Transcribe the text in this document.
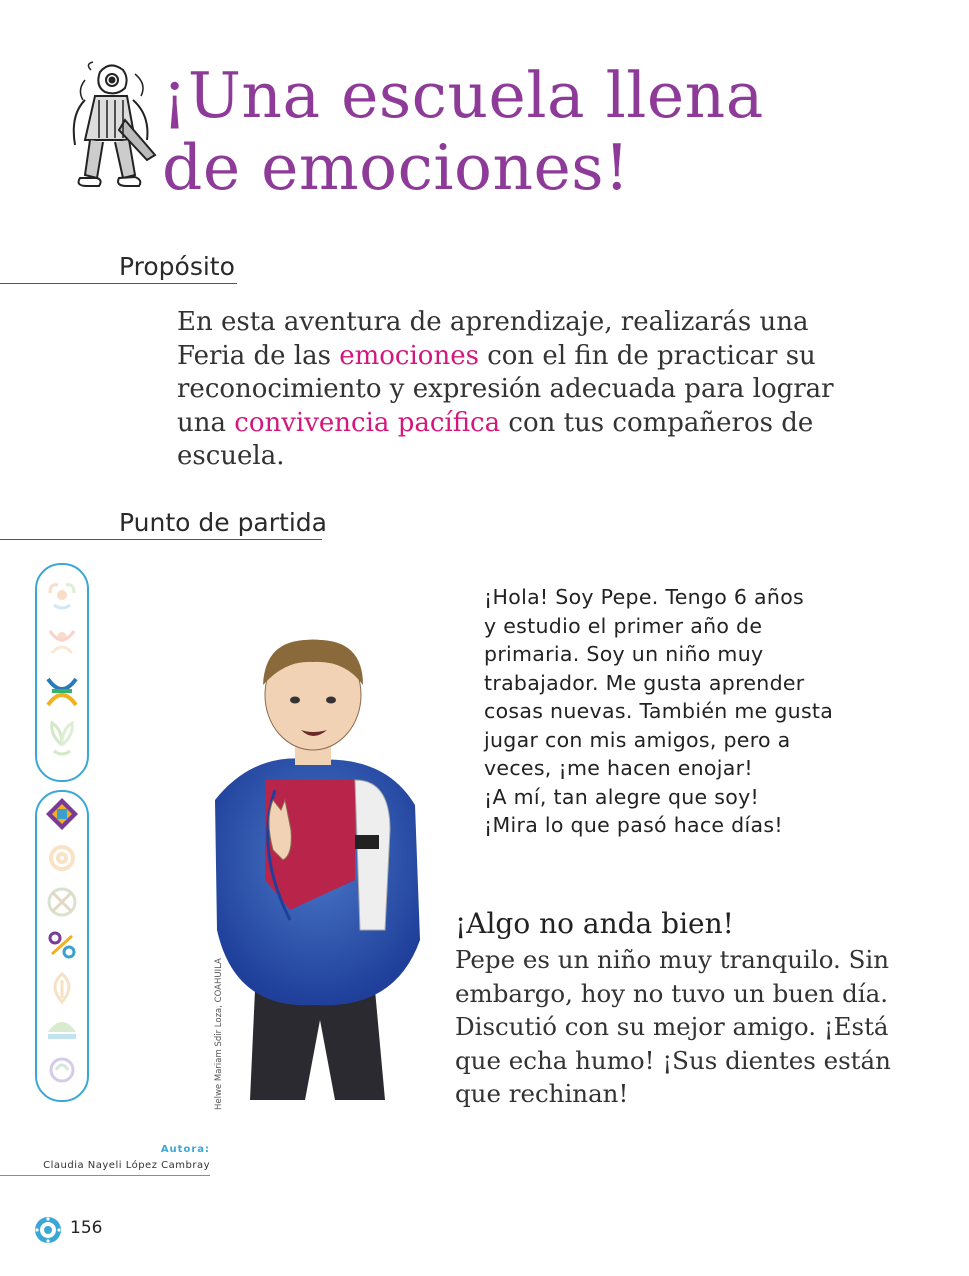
¡Una escuela llena
de emociones!
Propósito

En esta aventura de aprendizaje, realizarás una Feria de las emociones con el fin de practicar su reconocimiento y expresión adecuada para lograr una convivencia pacífica con tus compañeros de escuela.

Punto de partida
Helwe Mariam Sdir Loza, COAHUILA
¡Hola! Soy Pepe. Tengo 6 años
y estudio el primer año de
primaria. Soy un niño muy
trabajador. Me gusta aprender
cosas nuevas. También me gusta
jugar con mis amigos, pero a
veces, ¡me hacen enojar!
¡A mí, tan alegre que soy!
¡Mira lo que pasó hace días!
¡Algo no anda bien!
Pepe es un niño muy tranquilo. Sin
embargo, hoy no tuvo un buen día.
Discutió con su mejor amigo. ¡Está
que echa humo! ¡Sus dientes están
que rechinan!
Autora:
Claudia Nayeli López Cambray
156
